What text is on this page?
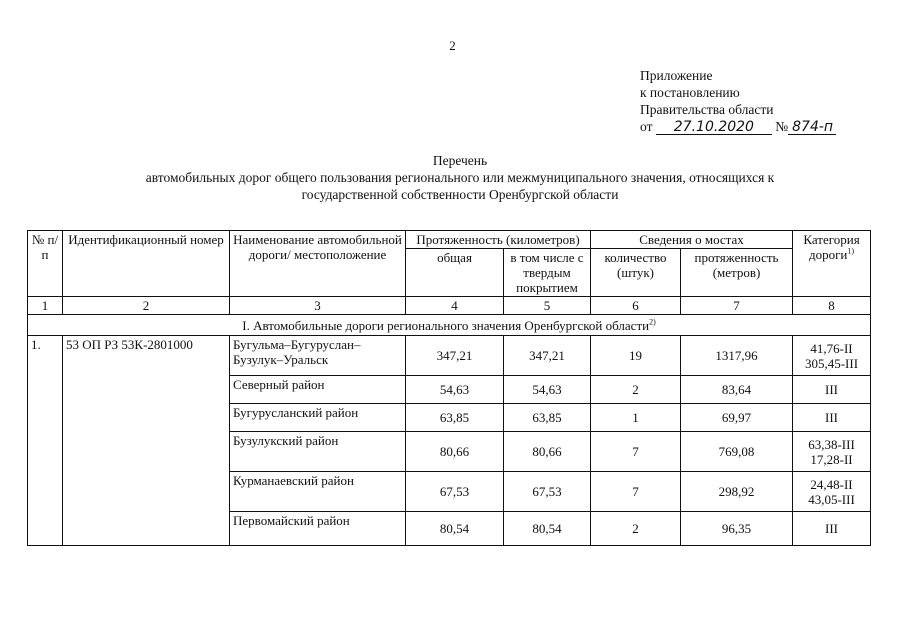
2
Приложение
к постановлению
Правительства области
от 27.10.2020 № 874-п
Перечень
автомобильных дорог общего пользования регионального или межмуниципального значения, относящихся к
государственной собственности Оренбургской области
№ п/п	Идентификационный номер	Наименование автомобильной дороги/ местоположение	Протяженность (километров)		Сведения о мостах		Категория дороги$^{1)}$
			общая	в том числе с твердым покрытием	количество (штук)	протяженность (метров)	
1	2	3	4	5	6	7	8
I. Автомобильные дороги регионального значения Оренбургской области$^{2)}$
1.	53 ОП РЗ 53К-2801000	Бугульма–Бугуруслан–Бузулук–Уральск	347,21	347,21	19	1317,96	41,76-II
305,45-III

		Северный район	54,63	54,63	2	83,64	III
		Бугурусланский район	63,85	63,85	1	69,97	III
		Бузулукский район	80,66	80,66	7	769,08	63,38-III
17,28-II

		Курманаевский район	67,53	67,53	7	298,92	24,48-II
43,05-III

		Первомайский район	80,54	80,54	2	96,35	III
